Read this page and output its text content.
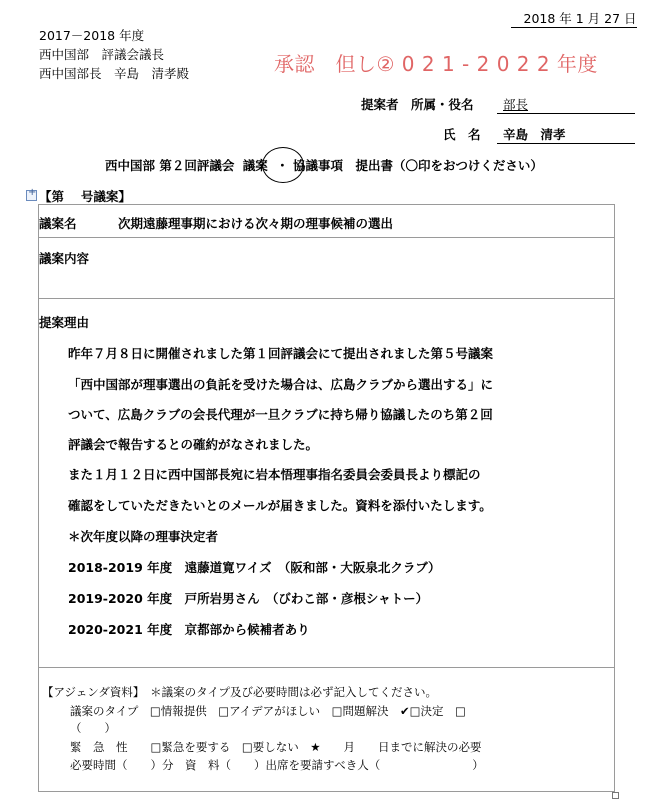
　2018 年 1 月 27 日
2017－2018 年度
西中国部　評議会議長
西中国部長　辛島　清孝殿	承認　但し② 0 2 1 - 2 0 2 2 年度
提案者　所属・役名 部長
氏　名 辛島　清孝
西中国部 第２回評議会 議案 ・ 協議事項　提出書（〇印をおつけください）
+
【第　 号議案】
議案名	次期遠藤理事期における次々期の理事候補の選出
議案内容
提案理由
昨年７月８日に開催されました第１回評議会にて提出されました第５号議案
「西中国部が理事選出の負託を受けた場合は、広島クラブから選出する」に
ついて、広島クラブの会長代理が一旦クラブに持ち帰り協議したのち第２回
評議会で報告するとの確約がなされました。
また１月１２日に西中国部長宛に岩本悟理事指名委員会委員長より標記の
確認をしていただきたいとのメールが届きました。資料を添付いたします。
＊次年度以降の理事決定者
2018-2019 年度　遠藤道寛ワイズ　（阪和部・大阪泉北クラブ）
2019-2020 年度　戸所岩男さん　（びわこ部・彦根シャトー）
2020-2021 年度　京都部から候補者あり
【アジェンダ資料】　＊議案のタイプ及び必要時間は必ず記入してください。
議案のタイプ　□情報提供　□アイデアがほしい　□問題解決　✔□決定　□
（　　）
緊　急　性　　□緊急を要する　□要しない　★　　月　　日までに解決の必要
必要時間（　　）分　資　料（　　）出席を要請すべき人（　　　　　　　　）
